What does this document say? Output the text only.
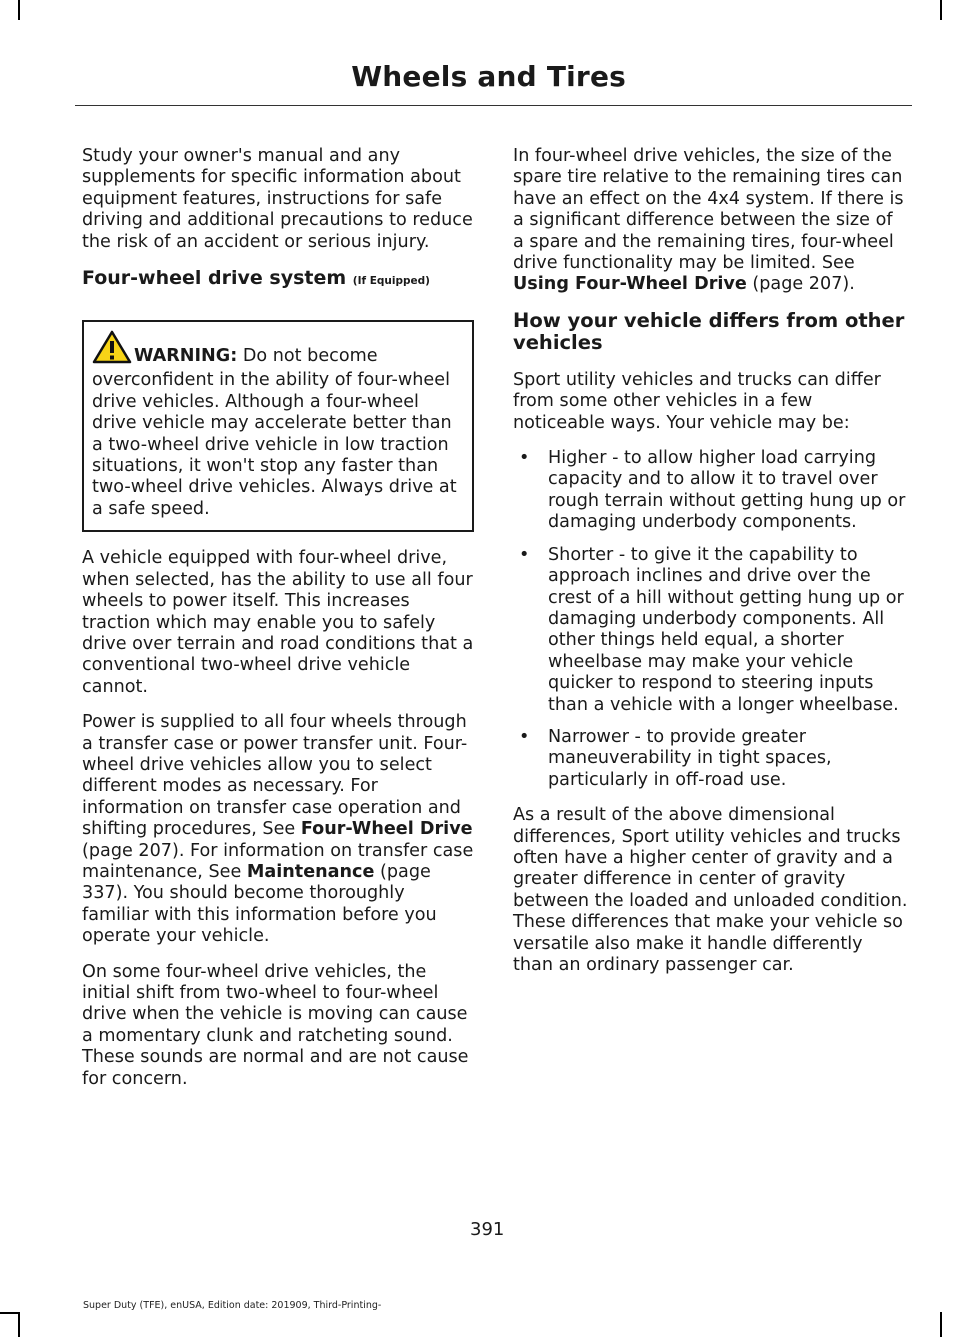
Wheels and Tires

Study your owner's manual and any supplements for specific information about equipment features, instructions for safe driving and additional precautions to reduce the risk of an accident or serious injury.

Four-wheel drive system (If Equipped)
WARNING: Do not become overconfident in the ability of four-wheel drive vehicles. Although a four-wheel drive vehicle may accelerate better than a two-wheel drive vehicle in low traction situations, it won't stop any faster than two-wheel drive vehicles. Always drive at a safe speed.

A vehicle equipped with four-wheel drive, when selected, has the ability to use all four wheels to power itself. This increases traction which may enable you to safely drive over terrain and road conditions that a conventional two-wheel drive vehicle cannot.

Power is supplied to all four wheels through a transfer case or power transfer unit. Four-wheel drive vehicles allow you to select different modes as necessary. For information on transfer case operation and shifting procedures, See Four-Wheel Drive (page 207). For information on transfer case maintenance, See Maintenance (page 337). You should become thoroughly familiar with this information before you operate your vehicle.

On some four-wheel drive vehicles, the initial shift from two-wheel to four-wheel drive when the vehicle is moving can cause a momentary clunk and ratcheting sound. These sounds are normal and are not cause for concern.

In four-wheel drive vehicles, the size of the spare tire relative to the remaining tires can have an effect on the 4x4 system. If there is a significant difference between the size of a spare and the remaining tires, four-wheel drive functionality may be limited. See Using Four-Wheel Drive (page 207).

How your vehicle differs from other vehicles

Sport utility vehicles and trucks can differ from some other vehicles in a few noticeable ways. Your vehicle may be:

• Higher - to allow higher load carrying capacity and to allow it to travel over rough terrain without getting hung up or damaging underbody components.
• Shorter - to give it the capability to approach inclines and drive over the crest of a hill without getting hung up or damaging underbody components. All other things held equal, a shorter wheelbase may make your vehicle quicker to respond to steering inputs than a vehicle with a longer wheelbase.
• Narrower - to provide greater maneuverability in tight spaces, particularly in off-road use.

As a result of the above dimensional differences, Sport utility vehicles and trucks often have a higher center of gravity and a greater difference in center of gravity between the loaded and unloaded condition. These differences that make your vehicle so versatile also make it handle differently than an ordinary passenger car.

391
Super Duty (TFE), enUSA, Edition date: 201909, Third-Printing-
